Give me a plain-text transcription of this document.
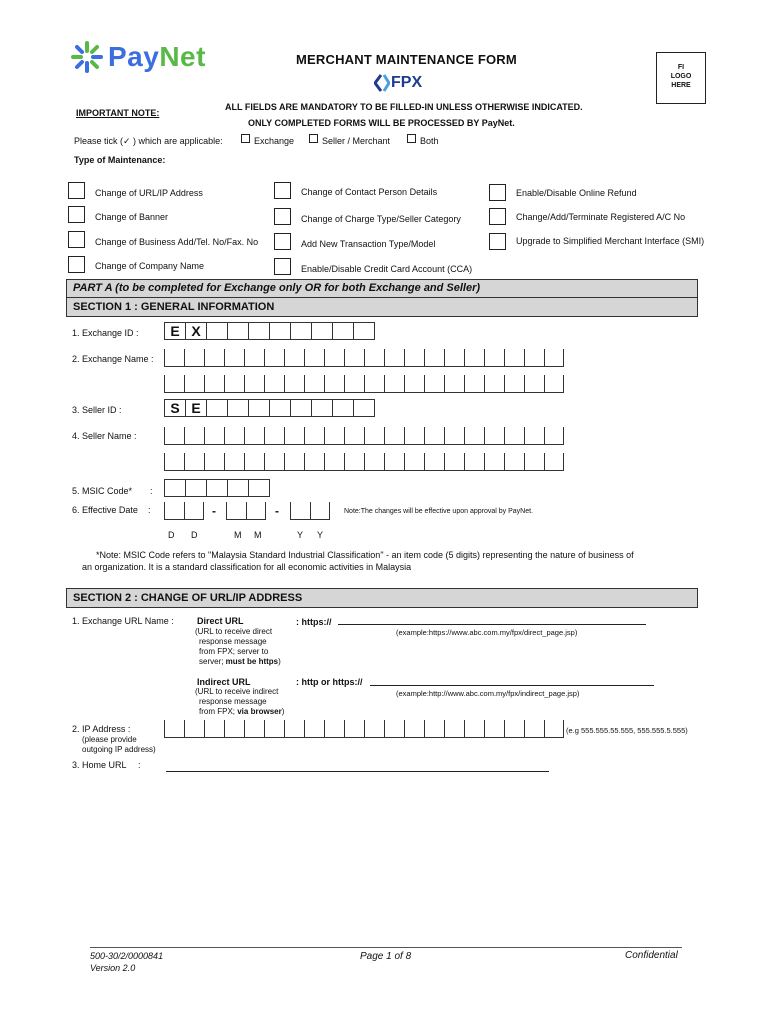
PayNet	MERCHANT MAINTENANCE FORM
FPX
FI
LOGO
HERE
IMPORTANT NOTE:
ALL FIELDS ARE MANDATORY TO BE FILLED-IN UNLESS OTHERWISE INDICATED.
ONLY COMPLETED FORMS WILL BE PROCESSED BY PayNet.
Please tick (✓ ) which are applicable:	Exchange	Seller / Merchant	Both
Type of Maintenance:
Change of URL/IP Address	Change of Contact Person Details	Enable/Disable Online Refund
Change of Banner	Change of Charge Type/Seller Category	Change/Add/Terminate Registered A/C No
Change of Business Add/Tel. No/Fax. No	Add New Transaction Type/Model	Upgrade to Simplified Merchant Interface (SMI)
Change of Company Name	Enable/Disable Credit Card Account (CCA)
PART A (to be completed for Exchange only OR for both Exchange and Seller)
SECTION 1 : GENERAL INFORMATION
1. Exchange ID :	E X
2. Exchange Name :
3. Seller ID :	S E
4. Seller Name :
5. MSIC Code* :
6. Effective Date :	-	-	Note:The changes will be effective upon approval by PayNet.
D D	M M	Y Y
*Note: MSIC Code refers to "Malaysia Standard Industrial Classification" - an item code (5 digits) representing the nature of business of
an organization. It is a standard classification for all economic activities in Malaysia
SECTION 2 : CHANGE OF URL/IP ADDRESS
1. Exchange URL Name :	Direct URL
(URL to receive direct
response message
from FPX; server to
server; must be https)
: https://
(example:https://www.abc.com.my/fpx/direct_page.jsp)
Indirect URL
(URL to receive indirect
response message
from FPX; via browser)
: http or https://
(example:http://www.abc.com.my/fpx/indirect_page.jsp)
2. IP Address :
(please provide
outgoing IP address)
(e.g 555.555.55.555, 555.555.5.555)
3. Home URL :
500-30/2/0000841
Version 2.0
Page 1 of 8	Confidential
